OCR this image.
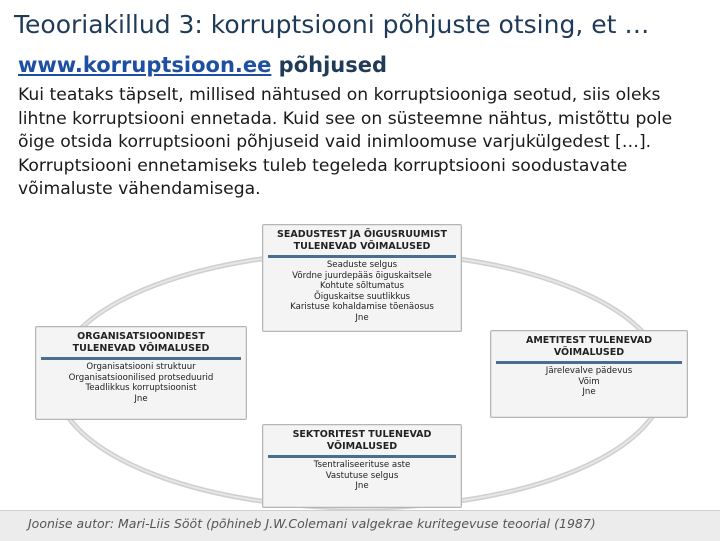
Teooriakillud 3: korruptsiooni põhjuste otsing, et …
www.korruptsioon.ee põhjused
Kui teataks täpselt, millised nähtused on korruptsiooniga seotud, siis oleks lihtne korruptsiooni ennetada. Kuid see on süsteemne nähtus, mistõttu pole õige otsida korruptsiooni põhjuseid vaid inimloomuse varjukülgedest […]. Korruptsiooni ennetamiseks tuleb tegeleda korruptsiooni soodustavate võimaluste vähendamisega.
SEADUSTEST JA ÕIGUSRUUMIST
TULENEVAD VÕIMALUSED
Seaduste selgus
Võrdne juurdepääs õiguskaitsele
Kohtute sõltumatus
Õiguskaitse suutlikkus
Karistuse kohaldamise tõenäosus
Jne
ORGANISATSIOONIDEST
TULENEVAD VÕIMALUSED
Organisatsiooni struktuur
Organisatsioonilised protseduurid
Teadlikkus korruptsioonist
Jne
AMETITEST TULENEVAD
VÕIMALUSED
Järelevalve pädevus
Võim
Jne
SEKTORITEST TULENEVAD
VÕIMALUSED
Tsentraliseerituse aste
Vastutuse selgus
Jne
Joonise autor: Mari-Liis Sööt (põhineb J.W.Colemani valgekrae kuritegevuse teoorial (1987)
